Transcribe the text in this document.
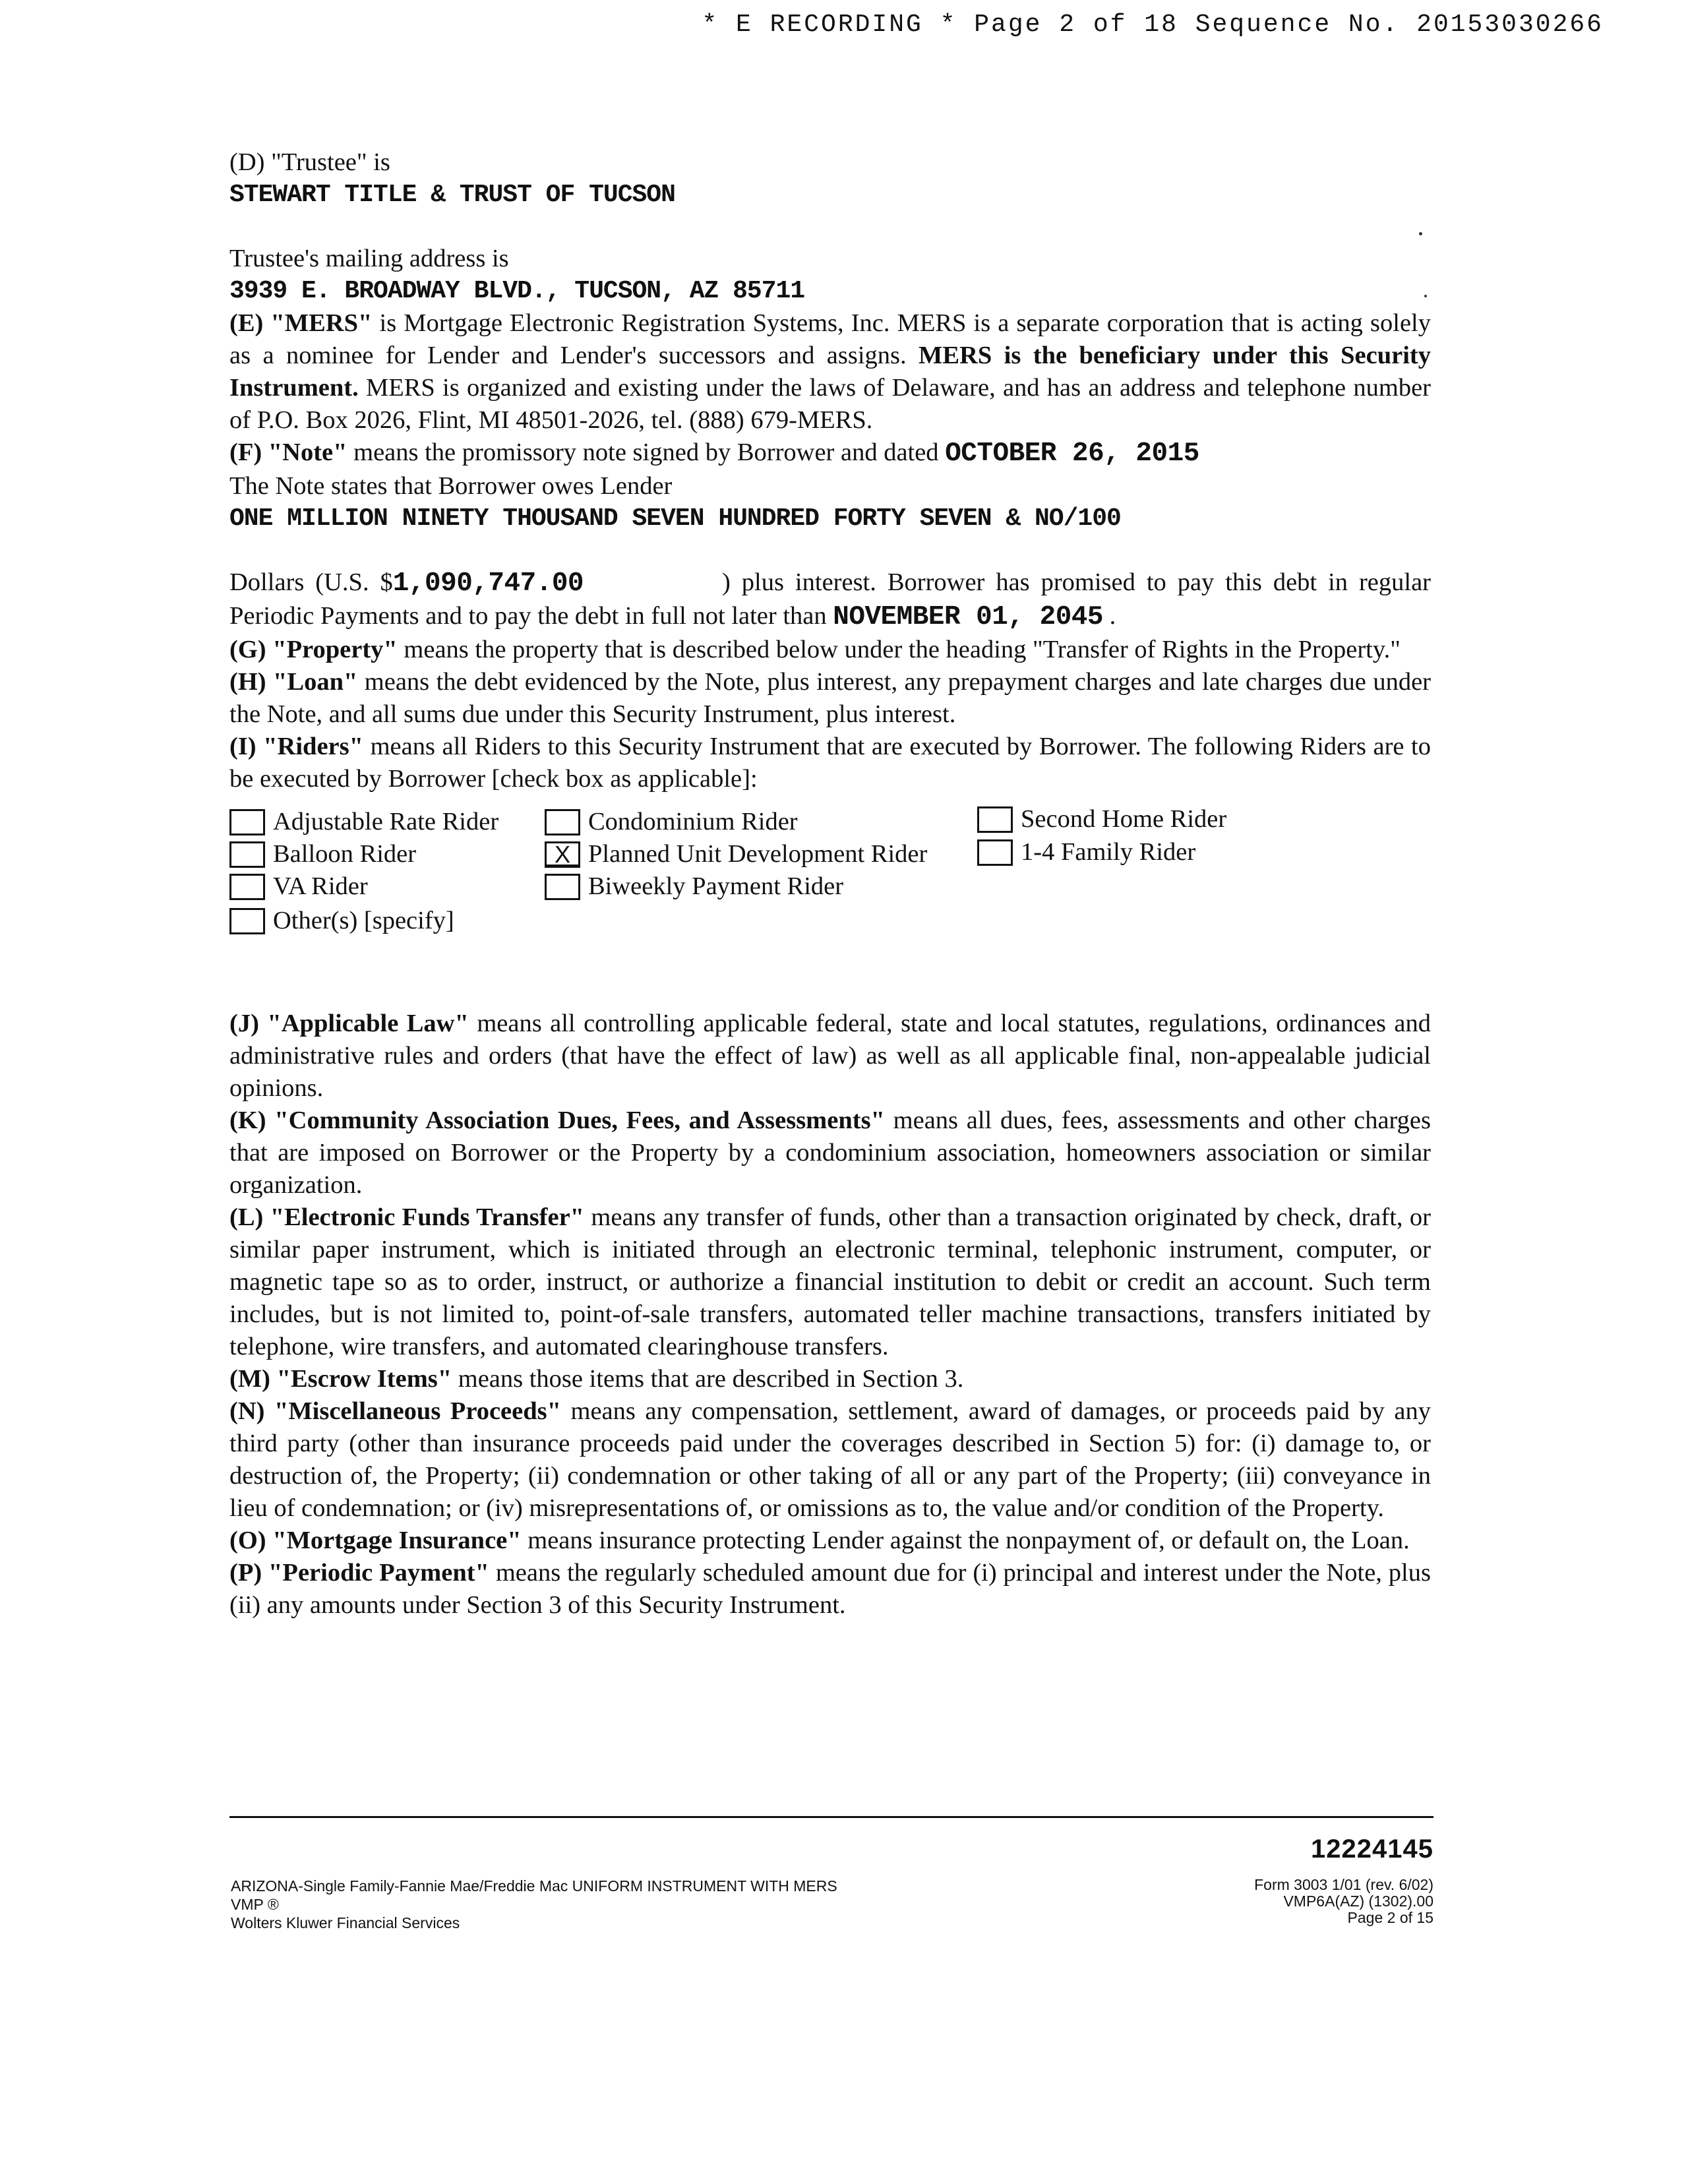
* E RECORDING * Page 2 of 18 Sequence No. 20153030266

(D) "Trustee" is

STEWART TITLE & TRUST OF TUCSON

Trustee's mailing address is

3939 E. BROADWAY BLVD., TUCSON, AZ 85711

(E) "MERS" is Mortgage Electronic Registration Systems, Inc. MERS is a separate corporation that is acting solely as a nominee for Lender and Lender's successors and assigns. MERS is the beneficiary under this Security Instrument. MERS is organized and existing under the laws of Delaware, and has an address and telephone number of P.O. Box 2026, Flint, MI 48501-2026, tel. (888) 679-MERS.

(F) "Note" means the promissory note signed by Borrower and dated OCTOBER 26, 2015

The Note states that Borrower owes Lender

ONE MILLION NINETY THOUSAND SEVEN HUNDRED FORTY SEVEN & NO/100

Dollars (U.S. $1,090,747.00	) plus interest. Borrower has promised to pay this debt in regular Periodic Payments and to pay the debt in full not later than NOVEMBER 01, 2045 .

(G) "Property" means the property that is described below under the heading "Transfer of Rights in the Property."

(H) "Loan" means the debt evidenced by the Note, plus interest, any prepayment charges and late charges due under the Note, and all sums due under this Security Instrument, plus interest.

(I) "Riders" means all Riders to this Security Instrument that are executed by Borrower. The following Riders are to be executed by Borrower [check box as applicable]:

Adjustable Rate Rider
Balloon Rider
VA Rider
Other(s) [specify]
Condominium Rider
X Planned Unit Development Rider
Biweekly Payment Rider
Second Home Rider
1-4 Family Rider

(J) "Applicable Law" means all controlling applicable federal, state and local statutes, regulations, ordinances and administrative rules and orders (that have the effect of law) as well as all applicable final, non-appealable judicial opinions.

(K) "Community Association Dues, Fees, and Assessments" means all dues, fees, assessments and other charges that are imposed on Borrower or the Property by a condominium association, homeowners association or similar organization.

(L) "Electronic Funds Transfer" means any transfer of funds, other than a transaction originated by check, draft, or similar paper instrument, which is initiated through an electronic terminal, telephonic instrument, computer, or magnetic tape so as to order, instruct, or authorize a financial institution to debit or credit an account. Such term includes, but is not limited to, point-of-sale transfers, automated teller machine transactions, transfers initiated by telephone, wire transfers, and automated clearinghouse transfers.

(M) "Escrow Items" means those items that are described in Section 3.

(N) "Miscellaneous Proceeds" means any compensation, settlement, award of damages, or proceeds paid by any third party (other than insurance proceeds paid under the coverages described in Section 5) for: (i) damage to, or destruction of, the Property; (ii) condemnation or other taking of all or any part of the Property; (iii) conveyance in lieu of condemnation; or (iv) misrepresentations of, or omissions as to, the value and/or condition of the Property.

(O) "Mortgage Insurance" means insurance protecting Lender against the nonpayment of, or default on, the Loan.

(P) "Periodic Payment" means the regularly scheduled amount due for (i) principal and interest under the Note, plus (ii) any amounts under Section 3 of this Security Instrument.

ARIZONA-Single Family-Fannie Mae/Freddie Mac UNIFORM INSTRUMENT WITH MERS
VMP ®
Wolters Kluwer Financial Services
12224145
Form 3003 1/01 (rev. 6/02)
VMP6A(AZ) (1302).00
Page 2 of 15
